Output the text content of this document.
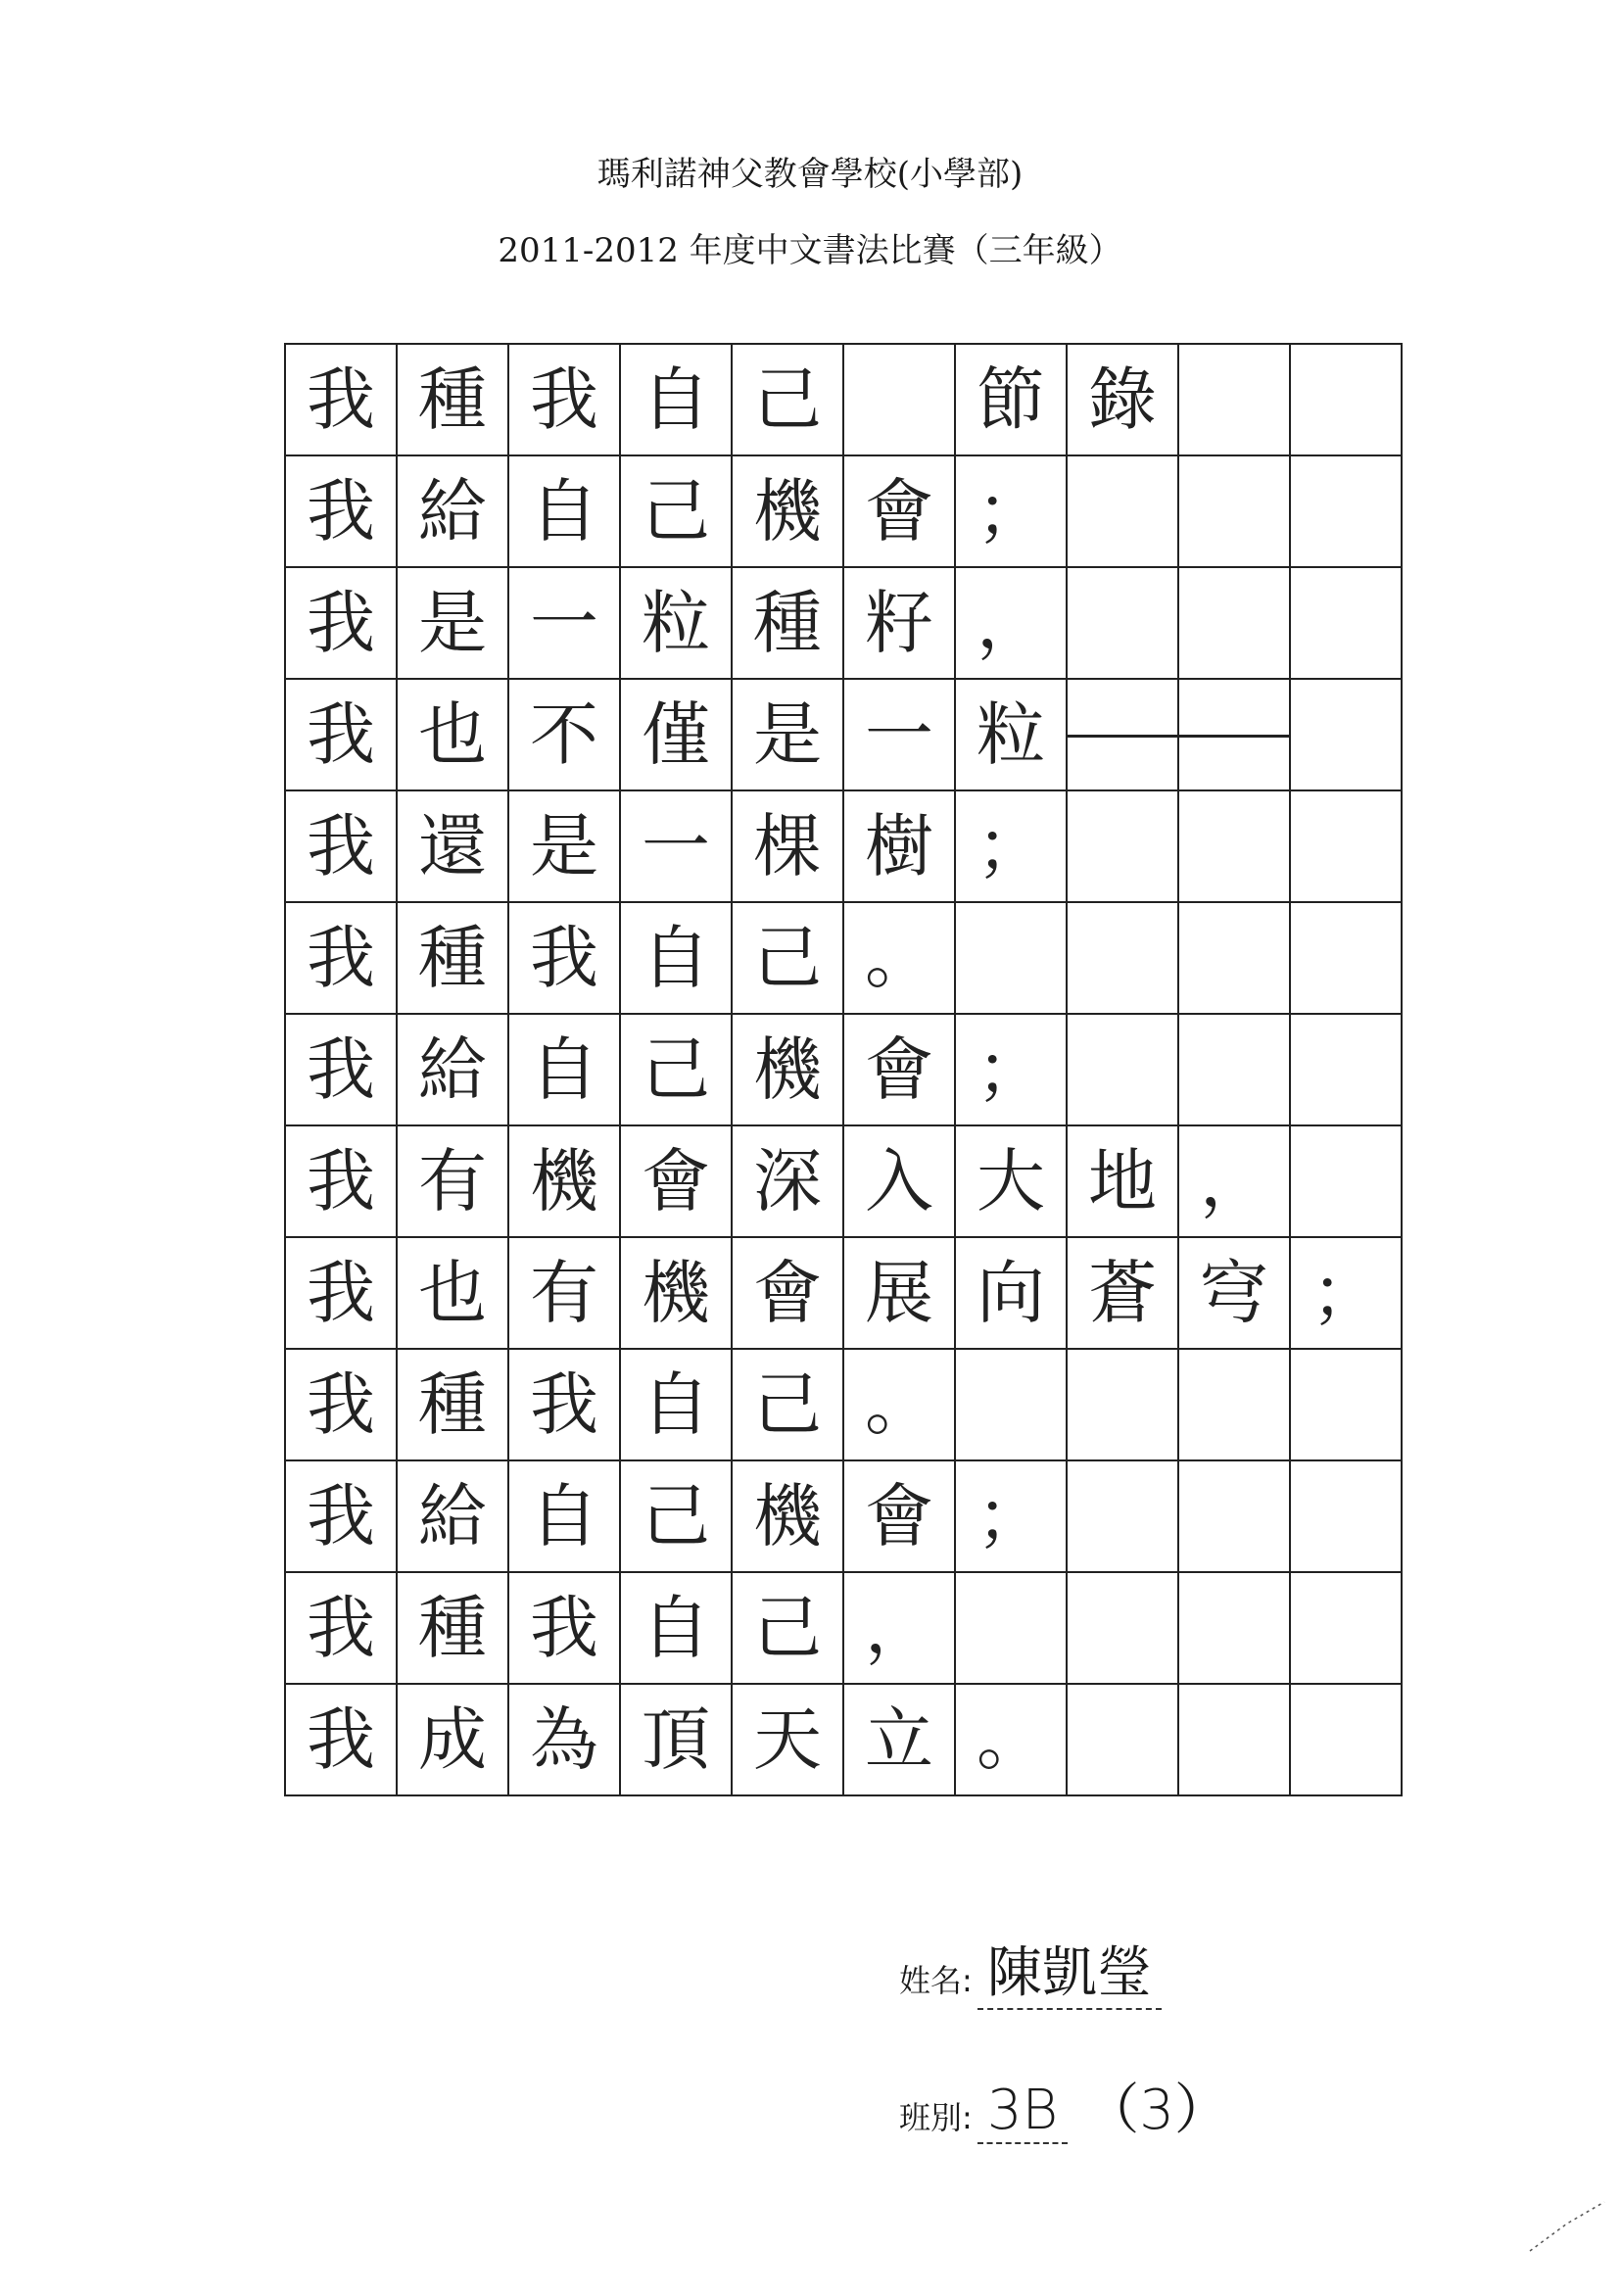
瑪利諾神父教會學校(小學部)
2011-2012 年度中文書法比賽（三年級）
我	種	我	自	己		節	錄		
我	給	自	己	機	會	；			
我	是	一	粒	種	籽	，			
我	也	不	僅	是	一	粒			
我	還	是	一	棵	樹	；			
我	種	我	自	己	。				
我	給	自	己	機	會	；			
我	有	機	會	深	入	大	地	，	
我	也	有	機	會	展	向	蒼	穹	；
我	種	我	自	己	。				
我	給	自	己	機	會	；			
我	種	我	自	己	，				
我	成	為	頂	天	立	。			
姓名: 陳凱瑩
班別: 3B （3）
